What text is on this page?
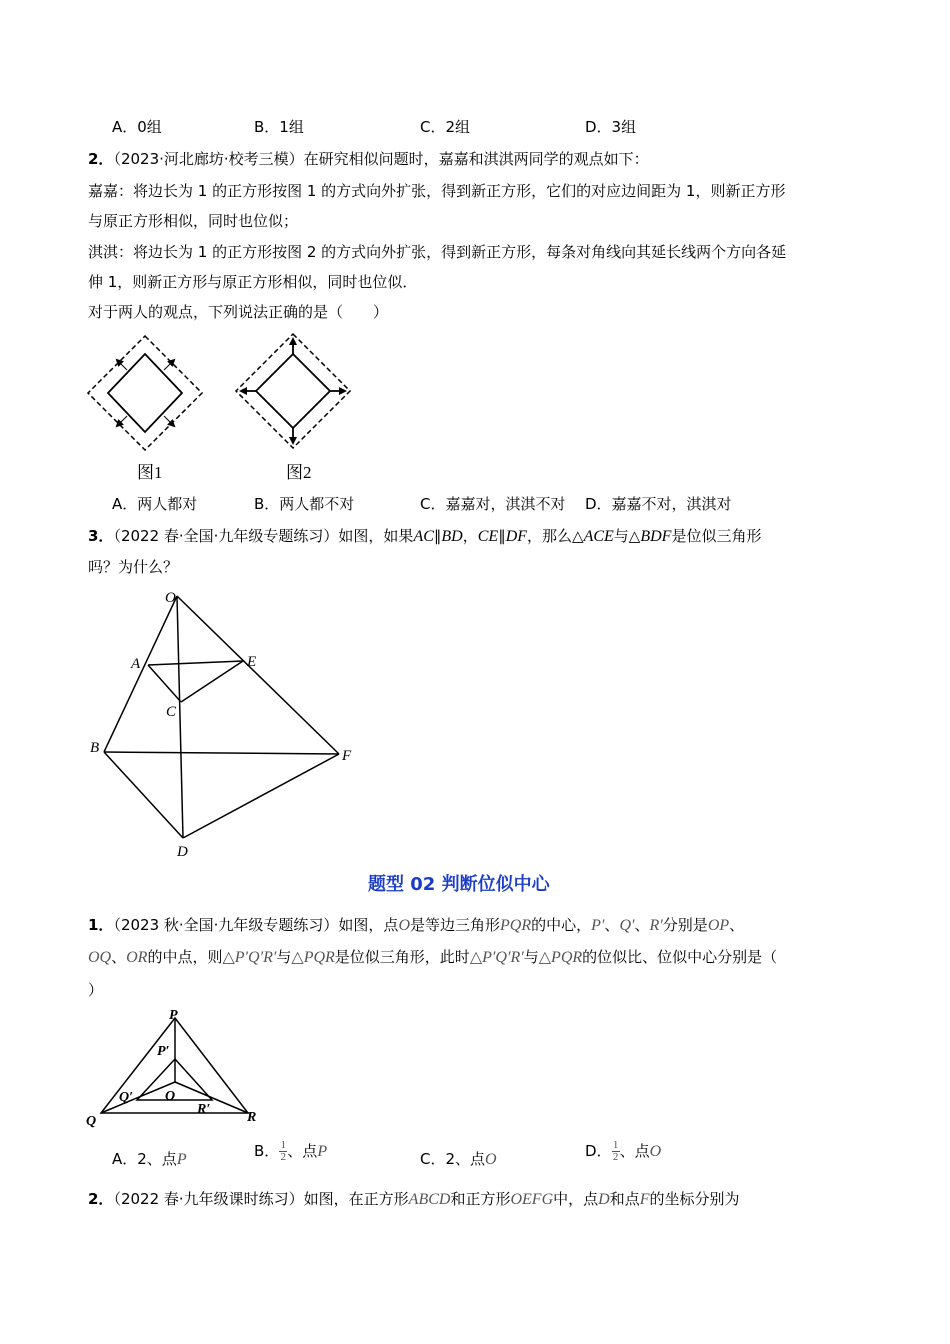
A．0组	B．1组	C．2组	D．3组
2．（2023·河北廊坊·校考三模）在研究相似问题时，嘉嘉和淇淇两同学的观点如下：
嘉嘉：将边长为 1 的正方形按图 1 的方式向外扩张，得到新正方形，它们的对应边间距为 1，则新正方形
与原正方形相似，同时也位似；
淇淇：将边长为 1 的正方形按图 2 的方式向外扩张，得到新正方形，每条对角线向其延长线两个方向各延
伸 1，则新正方形与原正方形相似，同时也位似．
对于两人的观点，下列说法正确的是（　　）
图1	图2
A．两人都对	B．两人都不对	C．嘉嘉对，淇淇不对 D．嘉嘉不对，淇淇对
3．（2022 春·全国·九年级专题练习）如图，如果AC∥BD，CE∥DF，那么△ACE与△BDF是位似三角形
吗？为什么？
O
A	E
C
B	F
D
题型 02 判断位似中心
1．（2023 秋·全国·九年级专题练习）如图，点O是等边三角形PQR的中心，P′、Q′、R′分别是OP、
OQ、OR的中点，则△P′Q′R′与△PQR是位似三角形，此时△P′Q′R′与△PQR的位似比、位似中心分别是（
）
P
P′
O
Q′
R′
Q	R
A．2、点P	B． $\frac{1}{2}$ 、点P	C．2、点O	D． $\frac{1}{2}$ 、点O
2．（2022 春·九年级课时练习）如图，在正方形ABCD和正方形OEFG中，点D和点F的坐标分别为
